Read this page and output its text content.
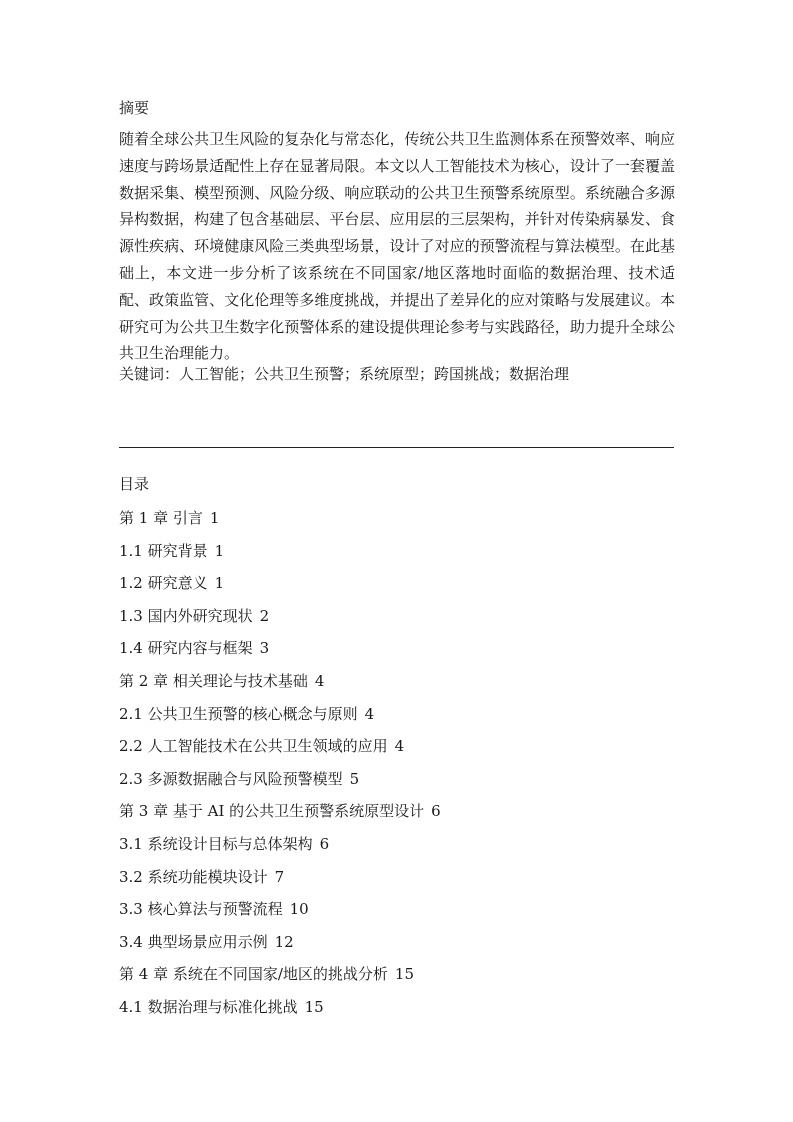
摘要

随着全球公共卫生风险的复杂化与常态化，传统公共卫生监测体系在预警效率、响应速度与跨场景适配性上存在显著局限。本文以人工智能技术为核心，设计了一套覆盖数据采集、模型预测、风险分级、响应联动的公共卫生预警系统原型。系统融合多源异构数据，构建了包含基础层、平台层、应用层的三层架构，并针对传染病暴发、食源性疾病、环境健康风险三类典型场景，设计了对应的预警流程与算法模型。在此基础上，本文进一步分析了该系统在不同国家/地区落地时面临的数据治理、技术适配、政策监管、文化伦理等多维度挑战，并提出了差异化的应对策略与发展建议。本研究可为公共卫生数字化预警体系的建设提供理论参考与实践路径，助力提升全球公共卫生治理能力。

关键词：人工智能；公共卫生预警；系统原型；跨国挑战；数据治理

目录
第 1 章 引言 1
1.1 研究背景 1
1.2 研究意义 1
1.3 国内外研究现状 2
1.4 研究内容与框架 3
第 2 章 相关理论与技术基础 4
2.1 公共卫生预警的核心概念与原则 4
2.2 人工智能技术在公共卫生领域的应用 4
2.3 多源数据融合与风险预警模型 5
第 3 章 基于 AI 的公共卫生预警系统原型设计 6
3.1 系统设计目标与总体架构 6
3.2 系统功能模块设计 7
3.3 核心算法与预警流程 10
3.4 典型场景应用示例 12
第 4 章 系统在不同国家/地区的挑战分析 15
4.1 数据治理与标准化挑战 15
